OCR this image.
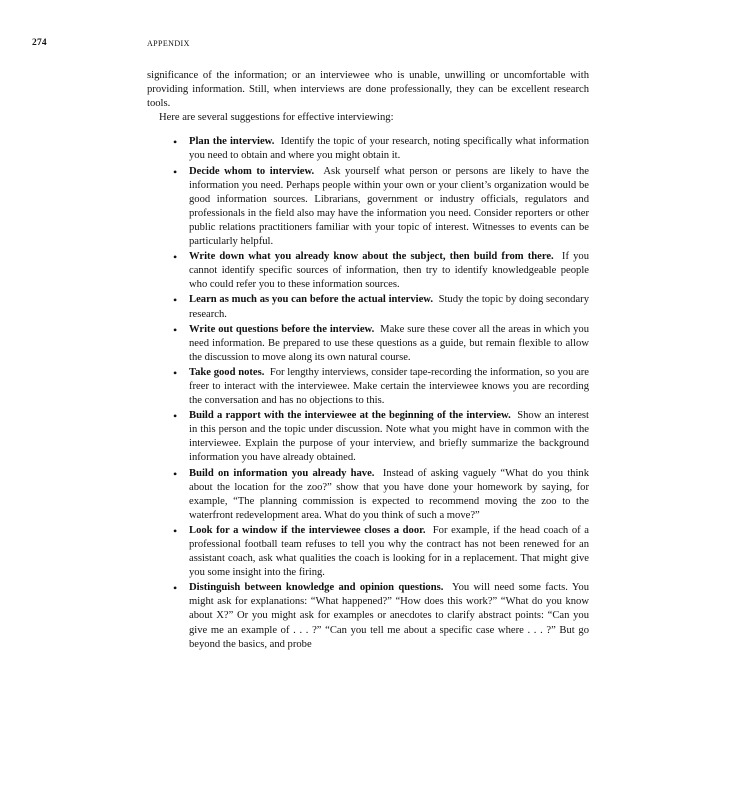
274	APPENDIX

significance of the information; or an interviewee who is unable, unwilling or uncomfortable with providing information. Still, when interviews are done professionally, they can be excellent research tools.

Here are several suggestions for effective interviewing:

• Plan the interview. Identify the topic of your research, noting specifically what information you need to obtain and where you might obtain it.
• Decide whom to interview. Ask yourself what person or persons are likely to have the information you need. Perhaps people within your own or your client’s organization would be good information sources. Librarians, government or industry officials, regulators and professionals in the field also may have the information you need. Consider reporters or other public relations practitioners familiar with your topic of interest. Witnesses to events can be particularly helpful.
• Write down what you already know about the subject, then build from there. If you cannot identify specific sources of information, then try to identify knowledgeable people who could refer you to these information sources.
• Learn as much as you can before the actual interview. Study the topic by doing secondary research.
• Write out questions before the interview. Make sure these cover all the areas in which you need information. Be prepared to use these questions as a guide, but remain flexible to allow the discussion to move along its own natural course.
• Take good notes. For lengthy interviews, consider tape-recording the information, so you are freer to interact with the interviewee. Make certain the interviewee knows you are recording the conversation and has no objections to this.
• Build a rapport with the interviewee at the beginning of the interview. Show an interest in this person and the topic under discussion. Note what you might have in common with the interviewee. Explain the purpose of your interview, and briefly summarize the background information you have already obtained.
• Build on information you already have. Instead of asking vaguely “What do you think about the location for the zoo?” show that you have done your homework by saying, for example, “The planning commission is expected to recommend moving the zoo to the waterfront redevelopment area. What do you think of such a move?”
• Look for a window if the interviewee closes a door. For example, if the head coach of a professional football team refuses to tell you why the contract has not been renewed for an assistant coach, ask what qualities the coach is looking for in a replacement. That might give you some insight into the firing.
• Distinguish between knowledge and opinion questions. You will need some facts. You might ask for explanations: “What happened?” “How does this work?” “What do you know about X?” Or you might ask for examples or anecdotes to clarify abstract points: “Can you give me an example of . . . ?” “Can you tell me about a specific case where . . . ?” But go beyond the basics, and probe
